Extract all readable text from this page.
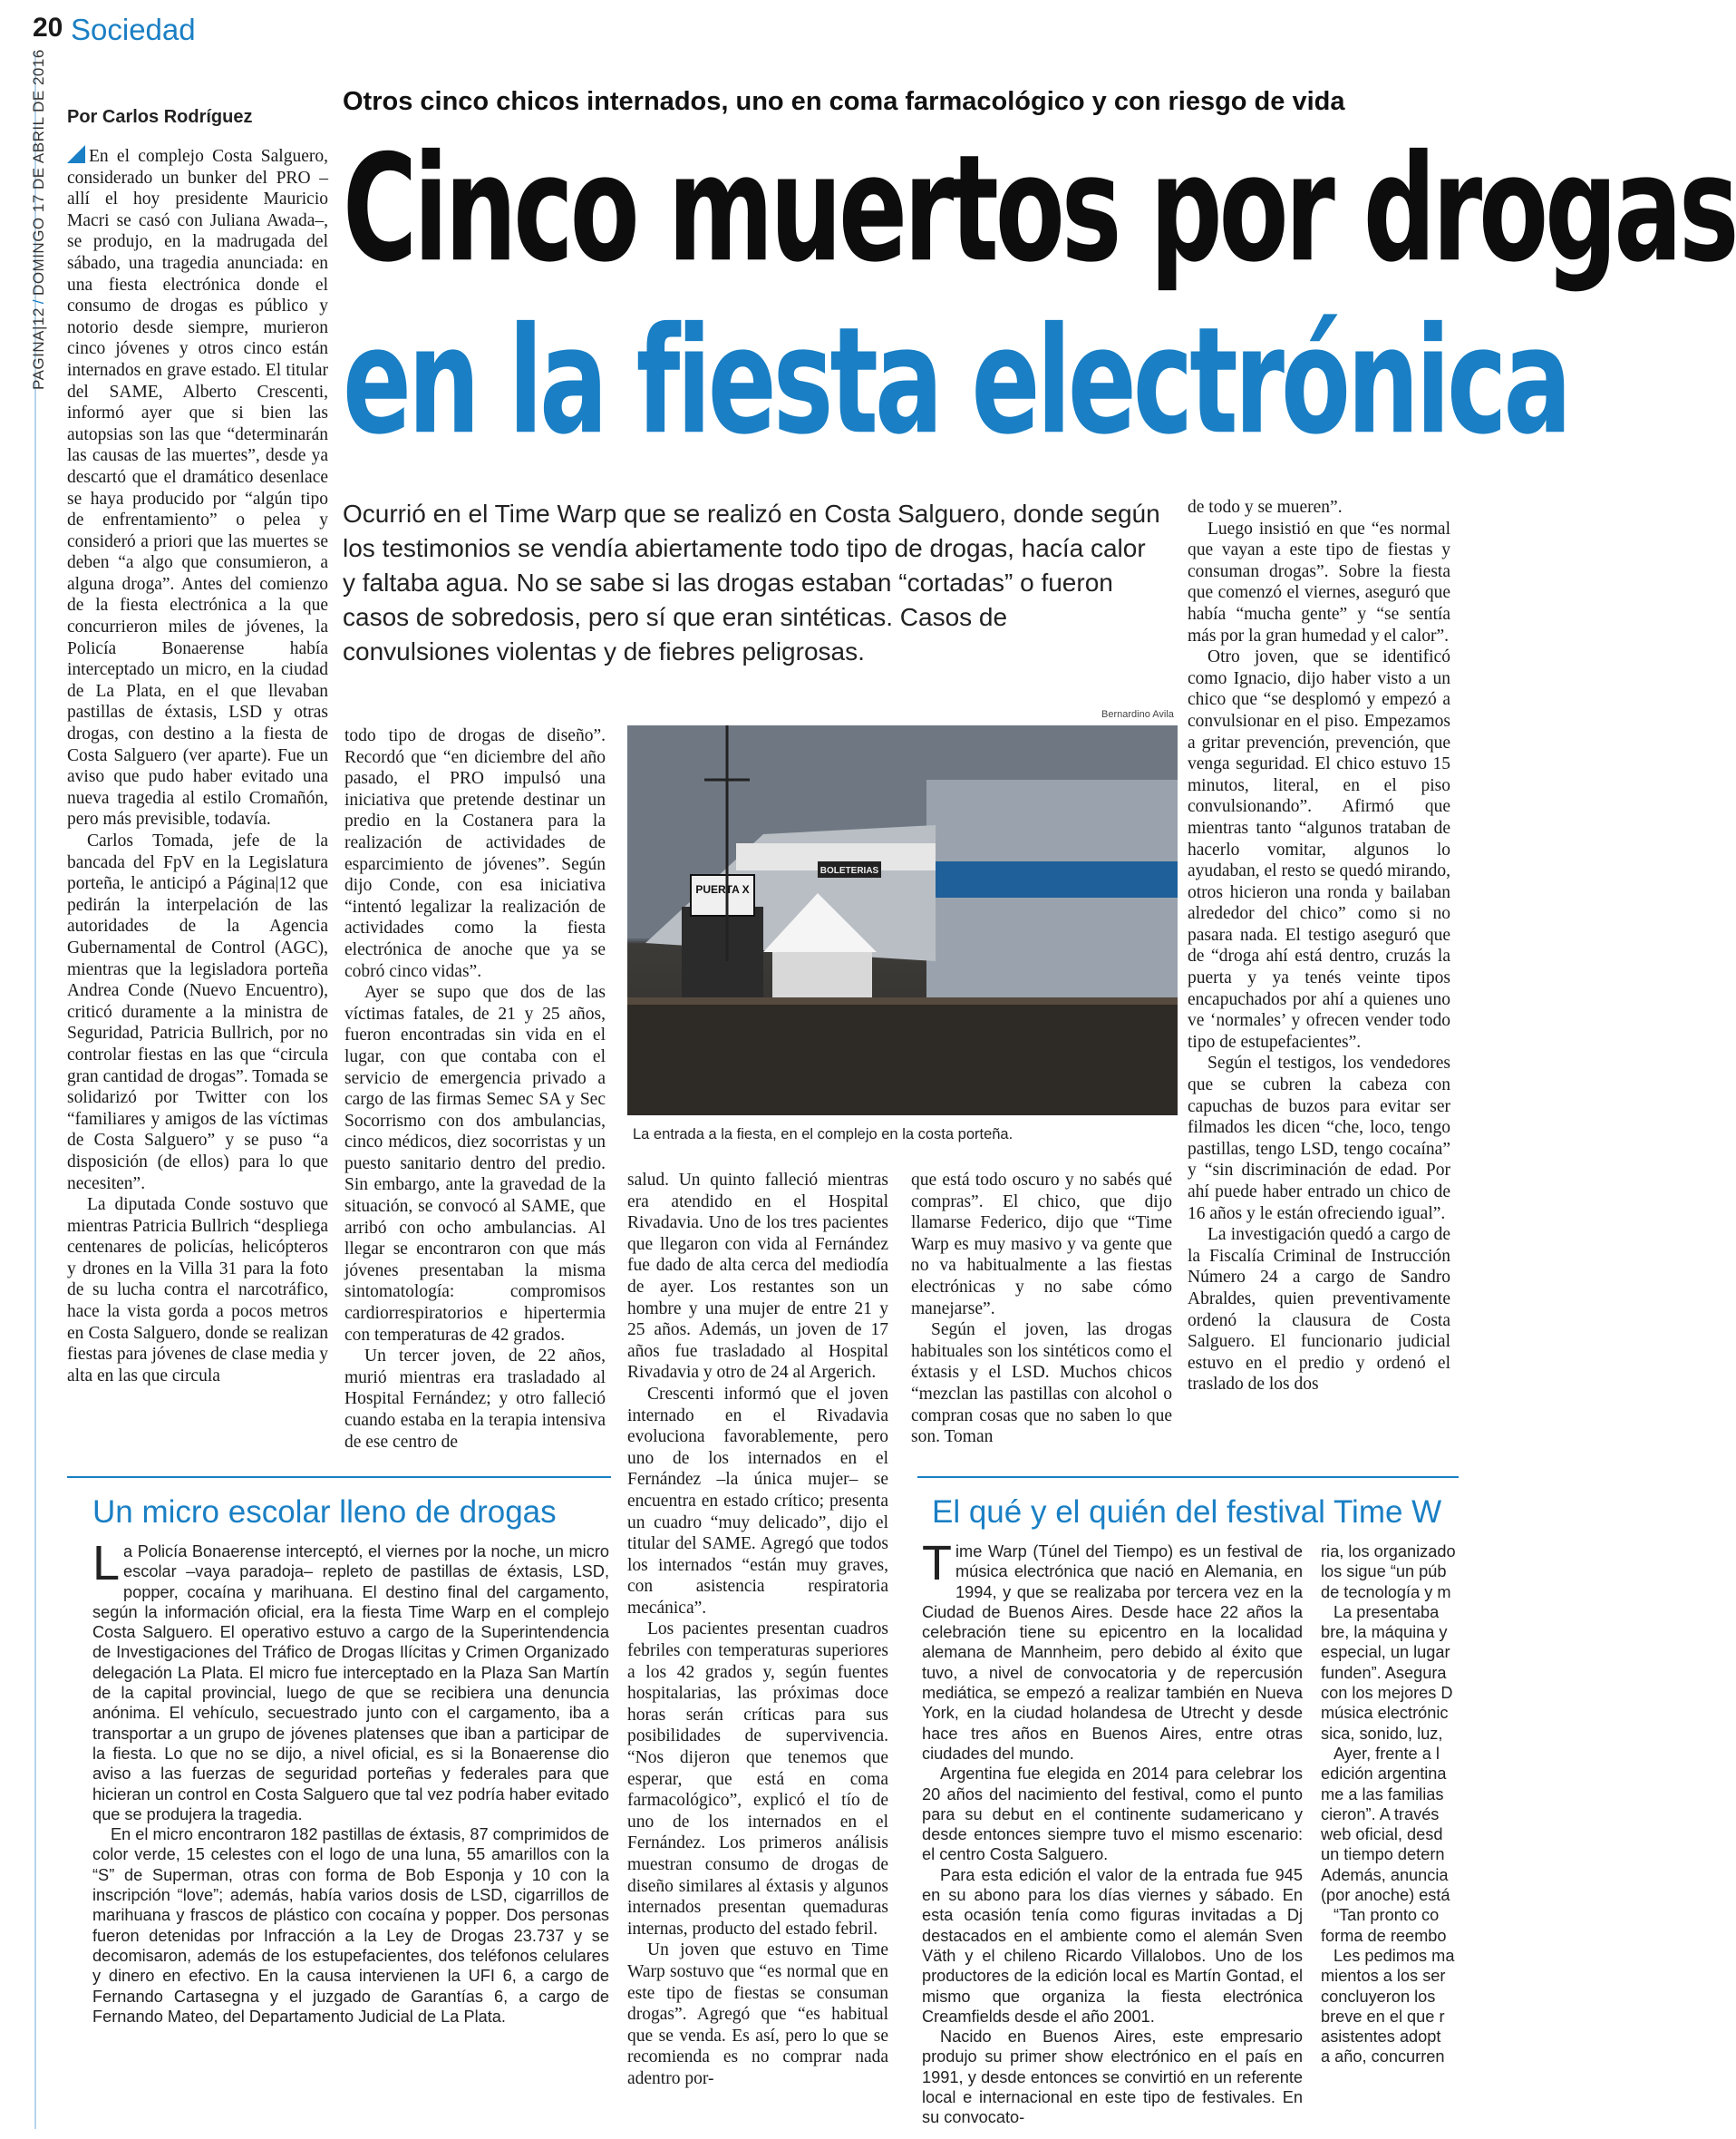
20 Sociedad
PAGINA|12/DOMINGO 17 DE ABRIL DE 2016 Por Carlos Rodríguez
Otros cinco chicos internados, uno en coma farmacológico y con riesgo de vida
Cinco muertos por drogas
en la fiesta electrónica

En el complejo Costa Salguero, considerado un bunker del PRO –allí el hoy presidente Mauricio Macri se casó con Juliana Awada–, se produjo, en la madrugada del sábado, una tragedia anunciada: en una fiesta electrónica donde el consumo de drogas es público y notorio desde siempre, murieron cinco jóvenes y otros cinco están internados en grave estado. El titular del SAME, Alberto Crescenti, informó ayer que si bien las autopsias son las que “determinarán las causas de las muertes”, desde ya descartó que el dramático desenlace se haya producido por “algún tipo de enfrentamiento” o pelea y consideró a priori que las muertes se deben “a algo que consumieron, a alguna droga”. Antes del comienzo de la fiesta electrónica a la que concurrieron miles de jóvenes, la Policía Bonaerense había interceptado un micro, en la ciudad de La Plata, en el que llevaban pastillas de éxtasis, LSD y otras drogas, con destino a la fiesta de Costa Salguero (ver aparte). Fue un aviso que pudo haber evitado una nueva tragedia al estilo Cromañón, pero más previsible, todavía.

Carlos Tomada, jefe de la bancada del FpV en la Legislatura porteña, le anticipó a Página|12 que pedirán la interpelación de las autoridades de la Agencia Gubernamental de Control (AGC), mientras que la legisladora porteña Andrea Conde (Nuevo Encuentro), criticó duramente a la ministra de Seguridad, Patricia Bullrich, por no controlar fiestas en las que “circula gran cantidad de drogas”. Tomada se solidarizó por Twitter con los “familiares y amigos de las víctimas de Costa Salguero” y se puso “a disposición (de ellos) para lo que necesiten”.

La diputada Conde sostuvo que mientras Patricia Bullrich “despliega centenares de policías, helicópteros y drones en la Villa 31 para la foto de su lucha contra el narcotráfico, hace la vista gorda a pocos metros en Costa Salguero, donde se realizan fiestas para jóvenes de clase media y alta en las que circula

Ocurrió en el Time Warp que se realizó en Costa Salguero, donde según los testimonios se vendía abiertamente todo tipo de drogas, hacía calor y faltaba agua. No se sabe si las drogas estaban “cortadas” o fueron casos de sobredosis, pero sí que eran sintéticas. Casos de convulsiones violentas y de fiebres peligrosas.

todo tipo de drogas de diseño”. Recordó que “en diciembre del año pasado, el PRO impulsó una iniciativa que pretende destinar un predio en la Costanera para la realización de actividades de esparcimiento de jóvenes”. Según dijo Conde, con esa iniciativa “intentó legalizar la realización de actividades como la fiesta electrónica de anoche que ya se cobró cinco vidas”.

Ayer se supo que dos de las víctimas fatales, de 21 y 25 años, fueron encontradas sin vida en el lugar, con que contaba con el servicio de emergencia privado a cargo de las firmas Semec SA y Sec Socorrismo con dos ambulancias, cinco médicos, diez socorristas y un puesto sanitario dentro del predio. Sin embargo, ante la gravedad de la situación, se convocó al SAME, que arribó con ocho ambulancias. Al llegar se encontraron con que más jóvenes presentaban la misma sintomatología: compromisos cardiorrespiratorios e hipertermia con temperaturas de 42 grados.

Un tercer joven, de 22 años, murió mientras era trasladado al Hospital Fernández; y otro falleció cuando estaba en la terapia intensiva de ese centro de

Bernardino Avila
PUERTA X
BOLETERIAS
La entrada a la fiesta, en el complejo en la costa porteña.

salud. Un quinto falleció mientras era atendido en el Hospital Rivadavia. Uno de los tres pacientes que llegaron con vida al Fernández fue dado de alta cerca del mediodía de ayer. Los restantes son un hombre y una mujer de entre 21 y 25 años. Además, un joven de 17 años fue trasladado al Hospital Rivadavia y otro de 24 al Argerich.

Crescenti informó que el joven internado en el Rivadavia evoluciona favorablemente, pero uno de los internados en el Fernández –la única mujer– se encuentra en estado crítico; presenta un cuadro “muy delicado”, dijo el titular del SAME. Agregó que todos los internados “están muy graves, con asistencia respiratoria mecánica”.

Los pacientes presentan cuadros febriles con temperaturas superiores a los 42 grados y, según fuentes hospitalarias, las próximas doce horas serán críticas para sus posibilidades de supervivencia. “Nos dijeron que tenemos que esperar, que está en coma farmacológico”, explicó el tío de uno de los internados en el Fernández. Los primeros análisis muestran consumo de drogas de diseño similares al éxtasis y algunos internados presentan quemaduras internas, producto del estado febril.

Un joven que estuvo en Time Warp sostuvo que “es normal que en este tipo de fiestas se consuman drogas”. Agregó que “es habitual que se venda. Es así, pero lo que se recomienda es no comprar nada adentro por-

que está todo oscuro y no sabés qué compras”. El chico, que dijo llamarse Federico, dijo que “Time Warp es muy masivo y va gente que no va habitualmente a las fiestas electrónicas y no sabe cómo manejarse”.

Según el joven, las drogas habituales son los sintéticos como el éxtasis y el LSD. Muchos chicos “mezclan las pastillas con alcohol o compran cosas que no saben lo que son. Toman

de todo y se mueren”.

Luego insistió en que “es normal que vayan a este tipo de fiestas y consuman drogas”. Sobre la fiesta que comenzó el viernes, aseguró que había “mucha gente” y “se sentía más por la gran humedad y el calor”.

Otro joven, que se identificó como Ignacio, dijo haber visto a un chico que “se desplomó y empezó a convulsionar en el piso. Empezamos a gritar prevención, prevención, que venga seguridad. El chico estuvo 15 minutos, literal, en el piso convulsionando”. Afirmó que mientras tanto “algunos trataban de hacerlo vomitar, algunos lo ayudaban, el resto se quedó mirando, otros hicieron una ronda y bailaban alrededor del chico” como si no pasara nada. El testigo aseguró que de “droga ahí está dentro, cruzás la puerta y ya tenés veinte tipos encapuchados por ahí a quienes uno ve ‘normales’ y ofrecen vender todo tipo de estupefacientes”.

Según el testigos, los vendedores que se cubren la cabeza con capuchas de buzos para evitar ser filmados les dicen “che, loco, tengo pastillas, tengo LSD, tengo cocaína” y “sin discriminación de edad. Por ahí puede haber entrado un chico de 16 años y le están ofreciendo igual”.

La investigación quedó a cargo de la Fiscalía Criminal de Instrucción Número 24 a cargo de Sandro Abraldes, quien preventivamente ordenó la clausura de Costa Salguero. El funcionario judicial estuvo en el predio y ordenó el traslado de los dos

Un micro escolar lleno de drogas

La Policía Bonaerense interceptó, el viernes por la noche, un micro escolar –vaya paradoja– repleto de pastillas de éxtasis, LSD, popper, cocaína y marihuana. El destino final del cargamento, según la información oficial, era la fiesta Time Warp en el complejo Costa Salguero. El operativo estuvo a cargo de la Superintendencia de Investigaciones del Tráfico de Drogas Ilícitas y Crimen Organizado delegación La Plata. El micro fue interceptado en la Plaza San Martín de la capital provincial, luego de que se recibiera una denuncia anónima. El vehículo, secuestrado junto con el cargamento, iba a transportar a un grupo de jóvenes platenses que iban a participar de la fiesta. Lo que no se dijo, a nivel oficial, es si la Bonaerense dio aviso a las fuerzas de seguridad porteñas y federales para que hicieran un control en Costa Salguero que tal vez podría haber evitado que se produjera la tragedia.

En el micro encontraron 182 pastillas de éxtasis, 87 comprimidos de color verde, 15 celestes con el logo de una luna, 55 amarillos con la “S” de Superman, otras con forma de Bob Esponja y 10 con la inscripción “love”; además, había varios dosis de LSD, cigarrillos de marihuana y frascos de plástico con cocaína y popper. Dos personas fueron detenidas por Infracción a la Ley de Drogas 23.737 y se decomisaron, además de los estupefacientes, dos teléfonos celulares y dinero en efectivo. En la causa intervienen la UFI 6, a cargo de Fernando Cartasegna y el juzgado de Garantías 6, a cargo de Fernando Mateo, del Departamento Judicial de La Plata.

El qué y el quién del festival Time W

Time Warp (Túnel del Tiempo) es un festival de música electrónica que nació en Alemania, en 1994, y que se realizaba por tercera vez en la Ciudad de Buenos Aires. Desde hace 22 años la celebración tiene su epicentro en la localidad alemana de Mannheim, pero debido al éxito que tuvo, a nivel de convocatoria y de repercusión mediática, se empezó a realizar también en Nueva York, en la ciudad holandesa de Utrecht y desde hace tres años en Buenos Aires, entre otras ciudades del mundo.

Argentina fue elegida en 2014 para celebrar los 20 años del nacimiento del festival, como el punto para su debut en el continente sudamericano y desde entonces siempre tuvo el mismo escenario: el centro Costa Salguero.

Para esta edición el valor de la entrada fue 945 en su abono para los días viernes y sábado. En esta ocasión tenía como figuras invitadas a Dj destacados en el ambiente como el alemán Sven Väth y el chileno Ricardo Villalobos. Uno de los productores de la edición local es Martín Gontad, el mismo que organiza la fiesta electrónica Creamfields desde el año 2001.

Nacido en Buenos Aires, este empresario produjo su primer show electrónico en el país en 1991, y desde entonces se convirtió en un referente local e internacional en este tipo de festivales. En su convocato-

ria, los organizado
los sigue “un púb
de tecnología y m
La presentaba
bre, la máquina y
especial, un lugar
funden”. Asegura
con los mejores D
música electrónic
sica, sonido, luz,
Ayer, frente a l
edición argentina
me a las familias
cieron”. A través
web oficial, desd
un tiempo detern
Además, anuncia
(por anoche) está
“Tan pronto co
forma de reembo
Les pedimos ma
mientos a los ser
concluyeron los
breve en el que r
asistentes adopt
a año, concurren
